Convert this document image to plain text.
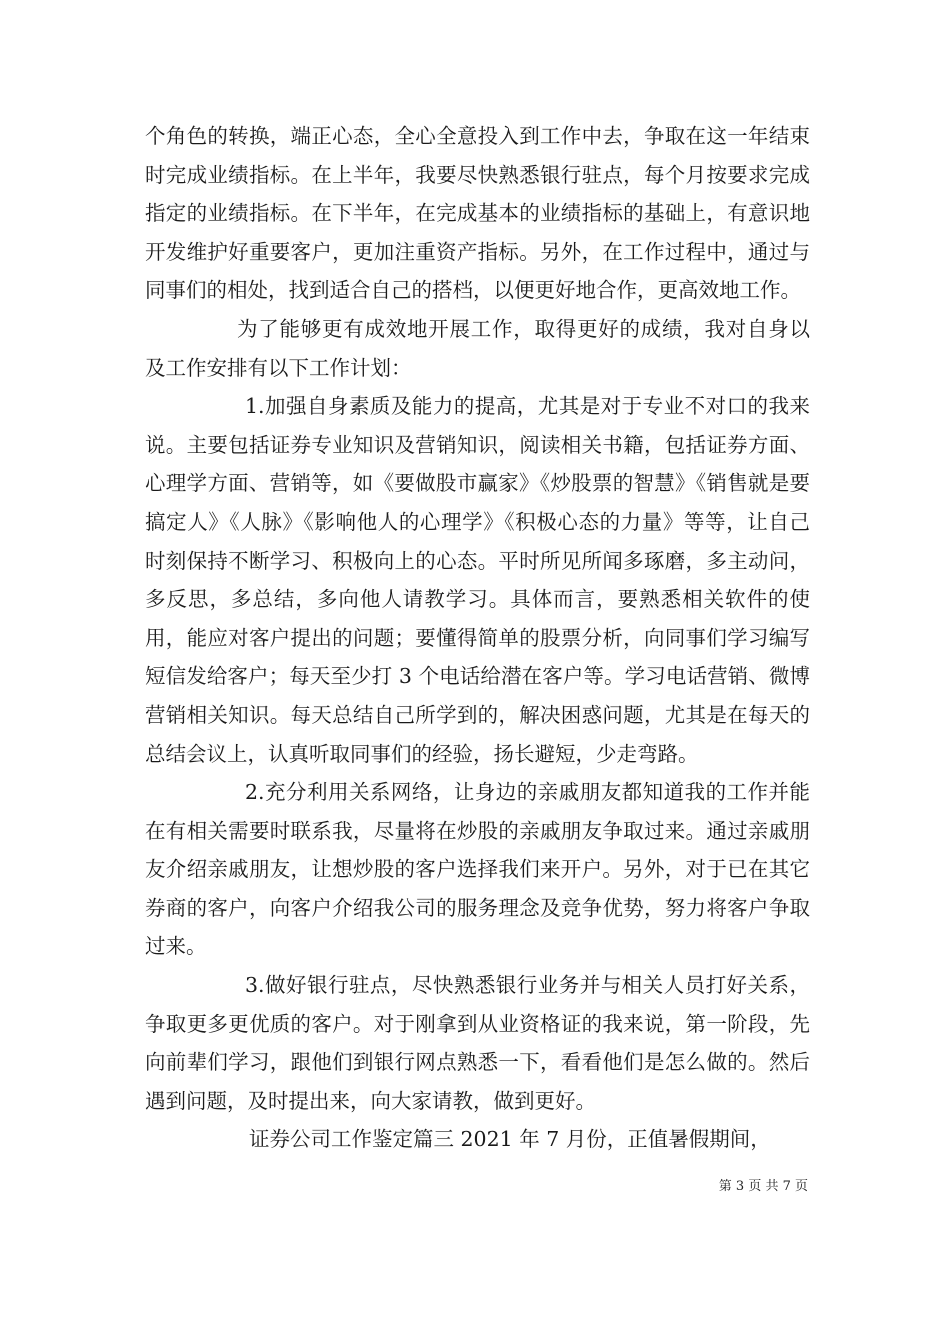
个角色的转换，端正心态，全心全意投入到工作中去，争取在这一年结束时完成业绩指标。在上半年，我要尽快熟悉银行驻点，每个月按要求完成指定的业绩指标。在下半年，在完成基本的业绩指标的基础上，有意识地开发维护好重要客户，更加注重资产指标。另外，在工作过程中，通过与同事们的相处，找到适合自己的搭档，以便更好地合作，更高效地工作。

为了能够更有成效地开展工作，取得更好的成绩，我对自身以及工作安排有以下工作计划：

1.加强自身素质及能力的提高，尤其是对于专业不对口的我来说。主要包括证券专业知识及营销知识，阅读相关书籍，包括证券方面、心理学方面、营销等，如《要做股市赢家》《炒股票的智慧》《销售就是要搞定人》《人脉》《影响他人的心理学》《积极心态的力量》等等，让自己时刻保持不断学习、积极向上的心态。平时所见所闻多琢磨，多主动问，多反思，多总结，多向他人请教学习。具体而言，要熟悉相关软件的使用，能应对客户提出的问题；要懂得简单的股票分析，向同事们学习编写短信发给客户；每天至少打 3 个电话给潜在客户等。学习电话营销、微博营销相关知识。每天总结自己所学到的，解决困惑问题，尤其是在每天的总结会议上，认真听取同事们的经验，扬长避短，少走弯路。

2.充分利用关系网络，让身边的亲戚朋友都知道我的工作并能在有相关需要时联系我，尽量将在炒股的亲戚朋友争取过来。通过亲戚朋友介绍亲戚朋友，让想炒股的客户选择我们来开户。另外，对于已在其它券商的客户，向客户介绍我公司的服务理念及竞争优势，努力将客户争取过来。

3.做好银行驻点，尽快熟悉银行业务并与相关人员打好关系，争取更多更优质的客户。对于刚拿到从业资格证的我来说，第一阶段，先向前辈们学习，跟他们到银行网点熟悉一下，看看他们是怎么做的。然后遇到问题，及时提出来，向大家请教，做到更好。

证券公司工作鉴定篇三 2021 年 7 月份，正值暑假期间，

第 3 页 共 7 页
